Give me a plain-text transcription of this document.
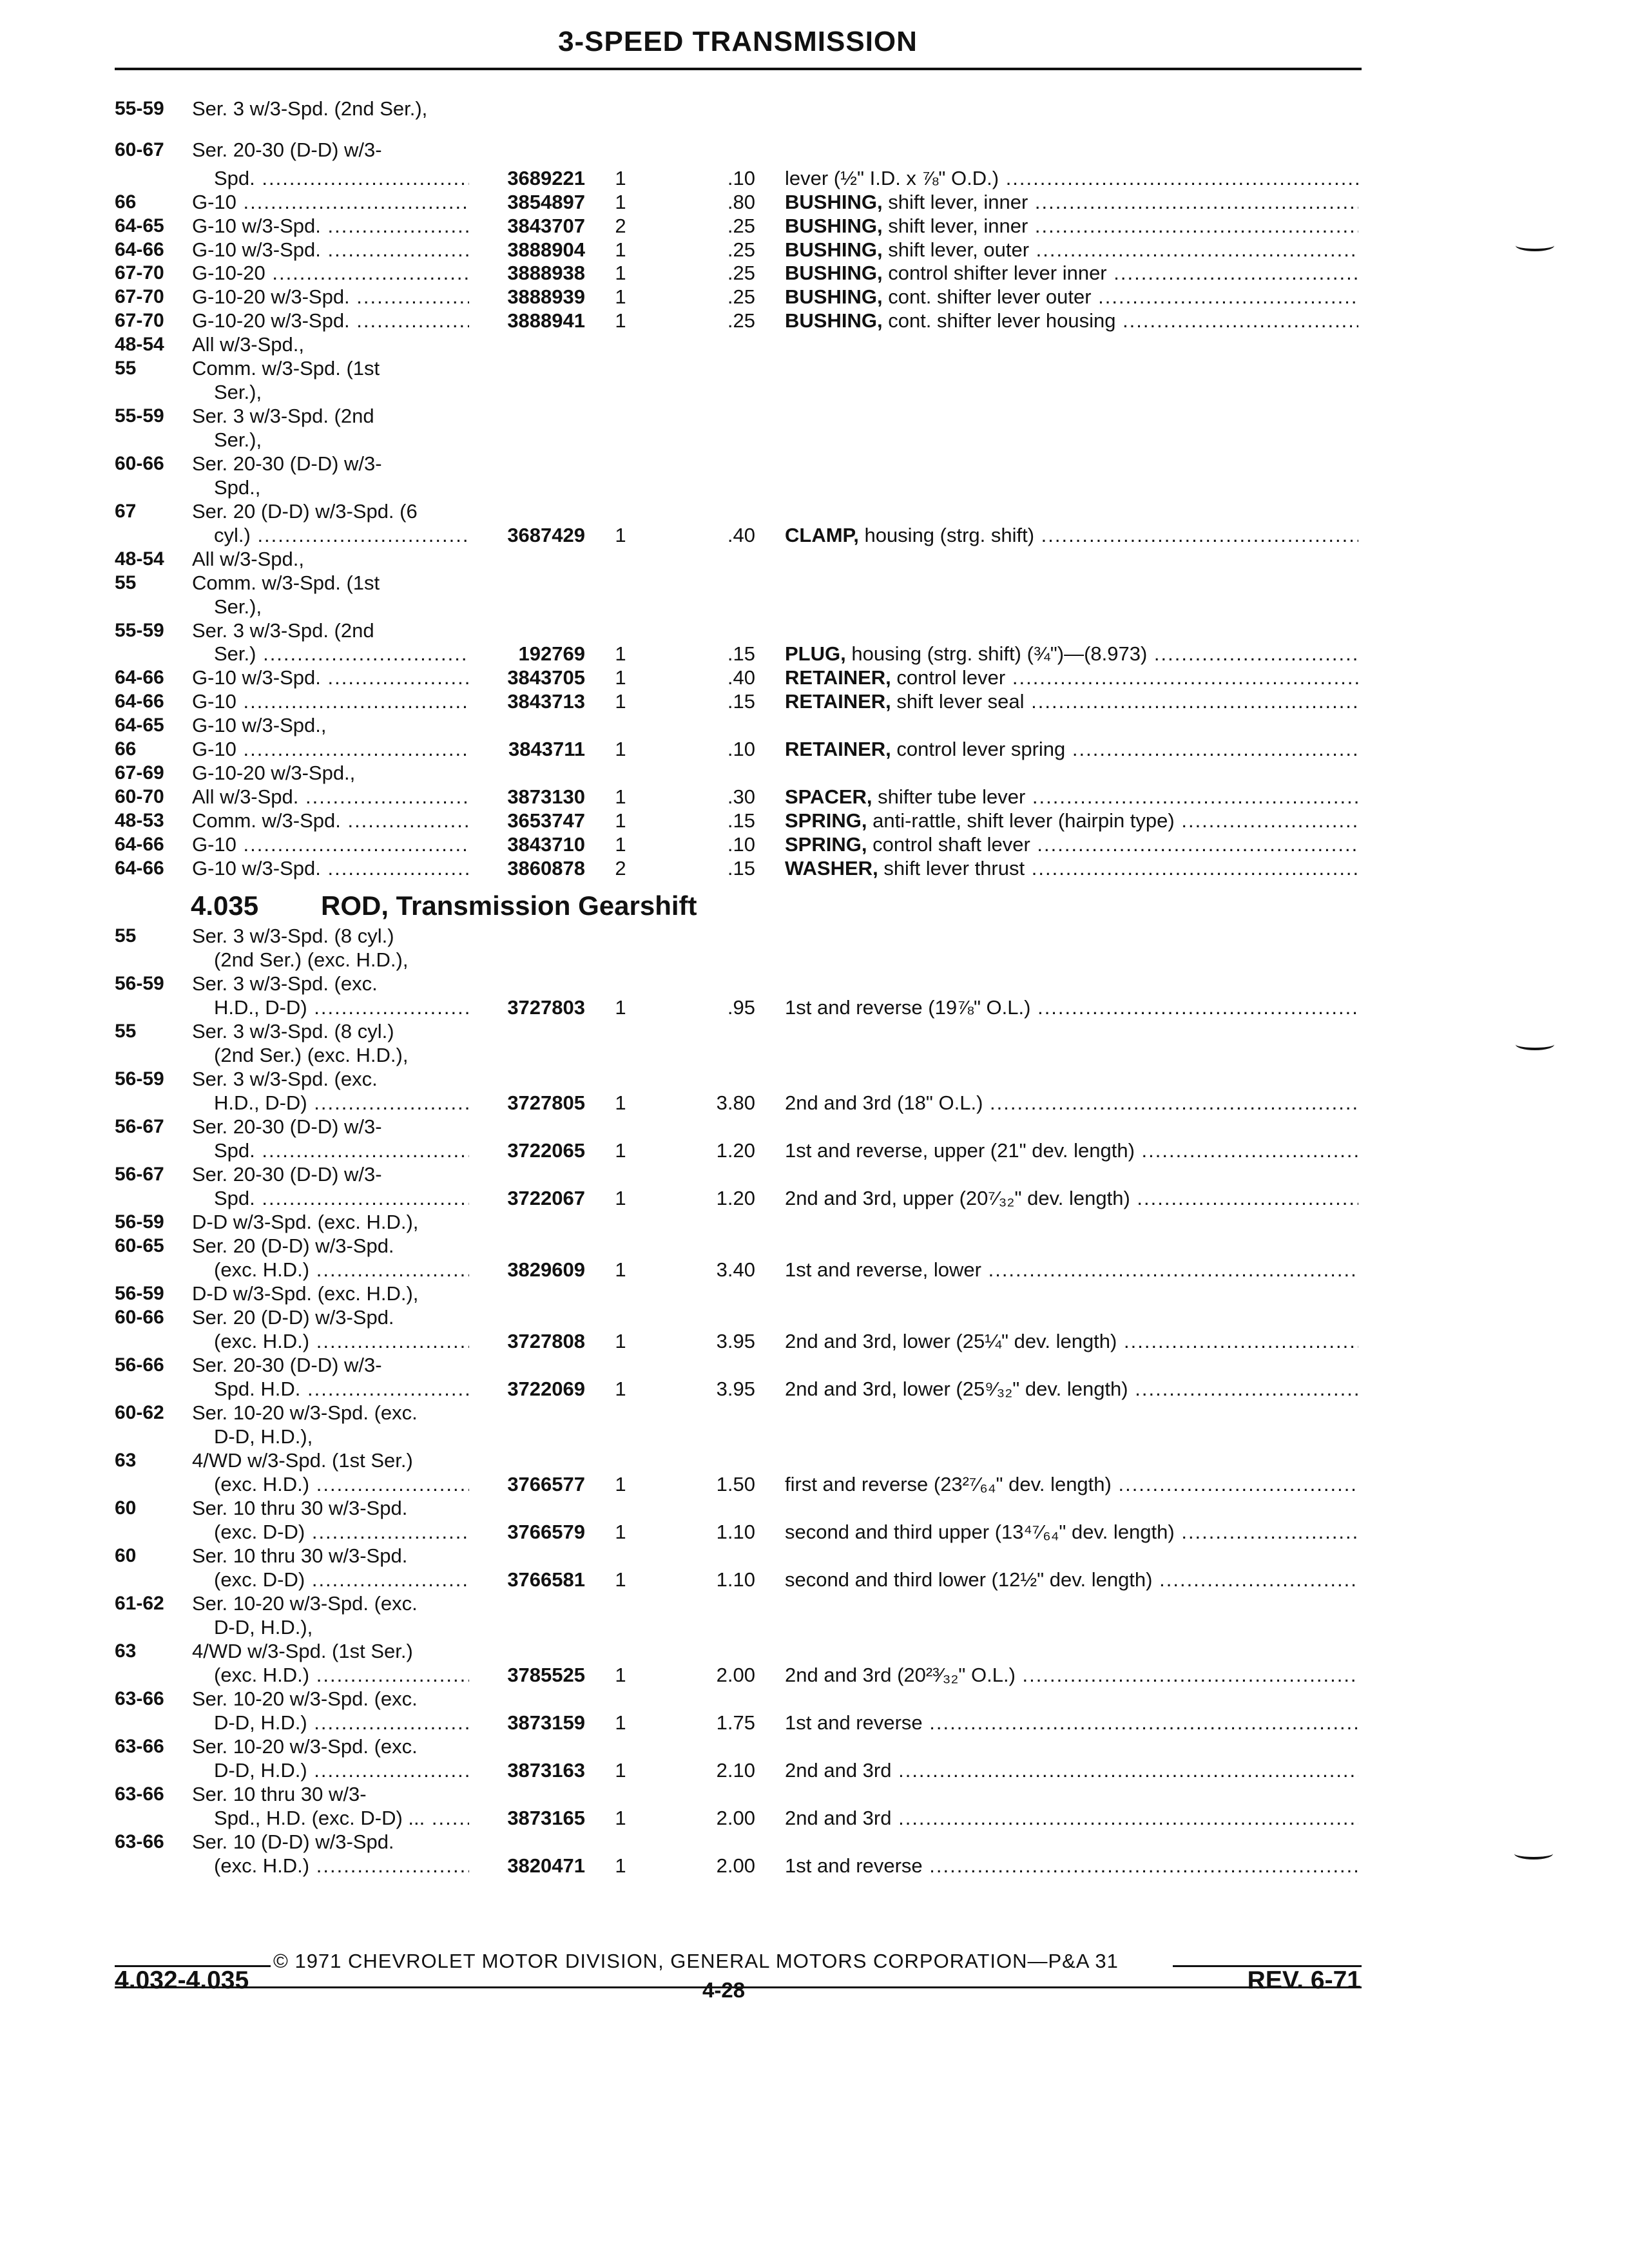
3-SPEED TRANSMISSION
55-59 Ser. 3 w/3-Spd. (2nd Ser.),
60-67 Ser. 20-30 (D-D) w/3-
Spd. .....	3689221 1	.10 lever (½" I.D. x ⅞" O.D.) .....
66	G-10 .....	3854897 1	.80 BUSHING, shift lever, inner .....
64-65 G-10 w/3-Spd. .....	3843707 2	.25 BUSHING, shift lever, inner .....
64-66 G-10 w/3-Spd. .....	3888904 1	.25 BUSHING, shift lever, outer .....
67-70 G-10-20 .....	3888938 1	.25 BUSHING, control shifter lever inner .....
67-70 G-10-20 w/3-Spd. .....	3888939 1	.25 BUSHING, cont. shifter lever outer .....
67-70 G-10-20 w/3-Spd. .....	3888941 1	.25 BUSHING, cont. shifter lever housing .....
48-54 All w/3-Spd.,
55	Comm. w/3-Spd. (1st
Ser.),
55-59 Ser. 3 w/3-Spd. (2nd
Ser.),
60-66 Ser. 20-30 (D-D) w/3-
Spd.,
67	Ser. 20 (D-D) w/3-Spd. (6
cyl.) .....	3687429 1	.40 CLAMP, housing (strg. shift) .....
48-54 All w/3-Spd.,
55	Comm. w/3-Spd. (1st
Ser.),
55-59 Ser. 3 w/3-Spd. (2nd
Ser.) .....	192769 1	.15 PLUG, housing (strg. shift) (¾")—(8.973) .....
64-66 G-10 w/3-Spd. .....	3843705 1	.40 RETAINER, control lever .....
64-66 G-10 .....	3843713 1	.15 RETAINER, shift lever seal .....
64-65 G-10 w/3-Spd.,
66	G-10 .....	3843711 1	.10 RETAINER, control lever spring .....
67-69 G-10-20 w/3-Spd.,
60-70 All w/3-Spd. .....	3873130 1	.30 SPACER, shifter tube lever .....
48-53 Comm. w/3-Spd. .....	3653747 1	.15 SPRING, anti-rattle, shift lever (hairpin type) .....
64-66 G-10 .....	3843710 1	.10 SPRING, control shaft lever .....
64-66 G-10 w/3-Spd. .....	3860878 2	.15 WASHER, shift lever thrust .....
55	Ser. 3 w/3-Spd. (8 cyl.)
(2nd Ser.) (exc. H.D.),
56-59 Ser. 3 w/3-Spd. (exc.
H.D., D-D) .....	3727803 1	.95 1st and reverse (19⅞" O.L.) .....
55	Ser. 3 w/3-Spd. (8 cyl.)
(2nd Ser.) (exc. H.D.),
56-59 Ser. 3 w/3-Spd. (exc.
H.D., D-D) .....	3727805 1	3.80 2nd and 3rd (18" O.L.) .....
56-67 Ser. 20-30 (D-D) w/3-
Spd. .....	3722065 1	1.20 1st and reverse, upper (21" dev. length) .....
56-67 Ser. 20-30 (D-D) w/3-
Spd. .....	3722067 1	1.20 2nd and 3rd, upper (20⁷⁄₃₂" dev. length) .....
56-59 D-D w/3-Spd. (exc. H.D.),
60-65 Ser. 20 (D-D) w/3-Spd.
(exc. H.D.) .....	3829609 1	3.40 1st and reverse, lower .....
56-59 D-D w/3-Spd. (exc. H.D.),
60-66 Ser. 20 (D-D) w/3-Spd.
(exc. H.D.) .....	3727808 1	3.95 2nd and 3rd, lower (25¼" dev. length) .....
56-66 Ser. 20-30 (D-D) w/3-
Spd. H.D. .....	3722069 1	3.95 2nd and 3rd, lower (25⁹⁄₃₂" dev. length) .....
60-62 Ser. 10-20 w/3-Spd. (exc.
D-D, H.D.),
63	4/WD w/3-Spd. (1st Ser.)
(exc. H.D.) .....	3766577 1	1.50 first and reverse (23²⁷⁄₆₄" dev. length) .....
60	Ser. 10 thru 30 w/3-Spd.
(exc. D-D) .....	3766579 1	1.10 second and third upper (13⁴⁷⁄₆₄" dev. length) .....
60	Ser. 10 thru 30 w/3-Spd.
(exc. D-D) .....	3766581 1	1.10 second and third lower (12½" dev. length) .....
61-62 Ser. 10-20 w/3-Spd. (exc.
D-D, H.D.),
63	4/WD w/3-Spd. (1st Ser.)
(exc. H.D.) .....	3785525 1	2.00 2nd and 3rd (20²³⁄₃₂" O.L.) .....
63-66 Ser. 10-20 w/3-Spd. (exc.
D-D, H.D.) .....	3873159 1	1.75 1st and reverse .....
63-66 Ser. 10-20 w/3-Spd. (exc.
D-D, H.D.) .....	3873163 1	2.10 2nd and 3rd .....
63-66 Ser. 10 thru 30 w/3-
Spd., H.D. (exc. D-D) ... .....	3873165 1	2.00 2nd and 3rd .....
63-66 Ser. 10 (D-D) w/3-Spd.
(exc. H.D.) .....	3820471 1	2.00 1st and reverse .....
4.035 ROD, Transmission Gearshift
© 1971 CHEVROLET MOTOR DIVISION, GENERAL MOTORS CORPORATION—P&A 31
4.032-4.035	4-28	REV. 6-71
